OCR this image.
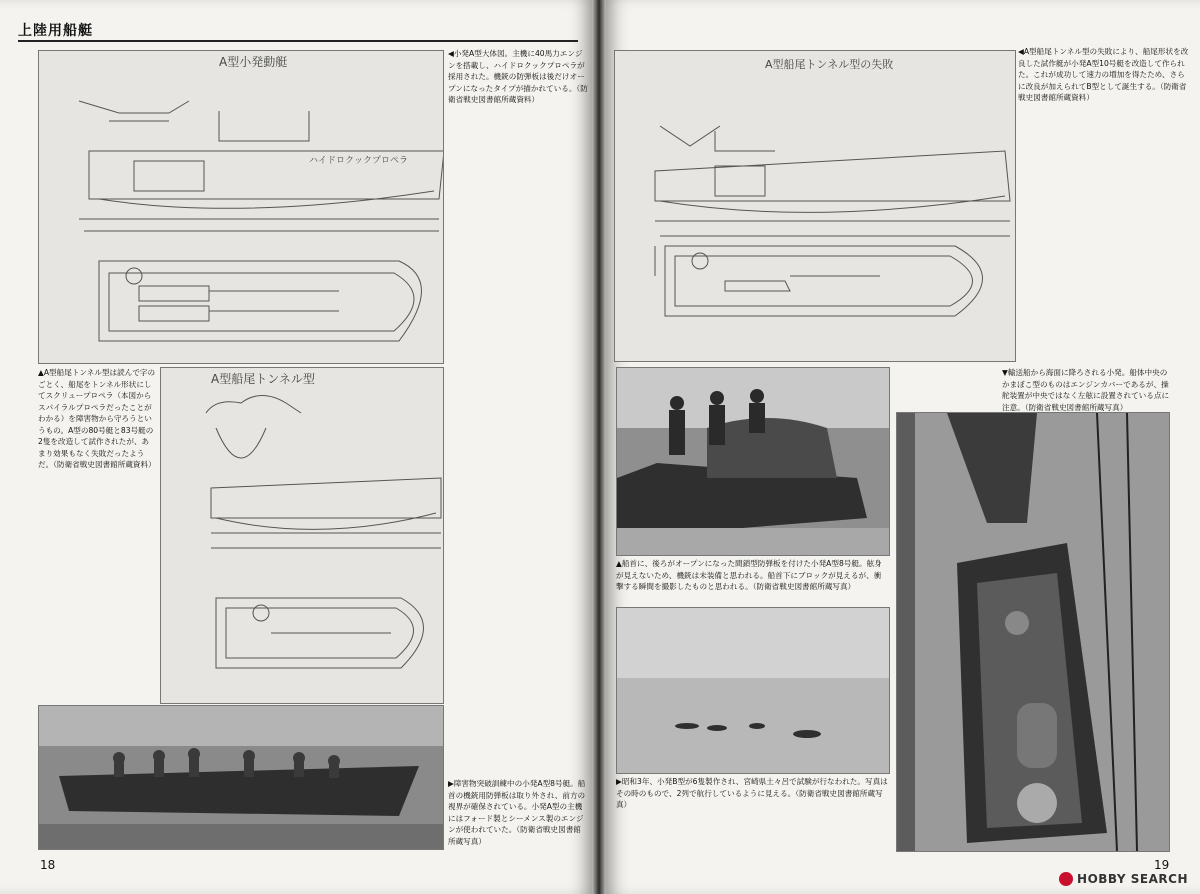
上陸用船艇
ハイドロクックプロペラ
A型小発動艇
A型船尾トンネル型

▲A型船尾トンネル型は読んで字のごとく、船尾をトンネル形状にしてスクリュープロペラ（本図からスパイラルプロペラだったことがわかる）を障害物から守ろうというもの。A型の80号艇と83号艇の2隻を改造して試作されたが、あまり効果もなく失敗だったようだ。（防衛省戦史図書館所蔵資料）

◀小発A型大体図。主機に40馬力エンジンを搭載し、ハイドロクックプロペラが採用された。機銃の防弾板は後だけオープンになったタイプが描かれている。（防衛省戦史図書館所蔵資料）

▶障害物突破訓練中の小発A型8号艇。船首の機銃用防弾板は取り外され、前方の視界が確保されている。小発A型の主機にはフォード製とシーメンス製のエンジンが使われていた。（防衛省戦史図書館所蔵写真）

18
A型船尾トンネル型の失敗

◀A型船尾トンネル型の失敗により、船尾形状を改良した試作艇が小発A型10号艇を改造して作られた。これが成功して速力の増加を得たため、さらに改良が加えられてB型として誕生する。（防衛省戦史図書館所蔵資料）

▼輸送船から海面に降ろされる小発。船体中央のかまぼこ型のものはエンジンカバーであるが、操舵装置が中央ではなく左舷に設置されている点に注意。（防衛省戦史図書館所蔵写真）

▲船首に、後ろがオープンになった間鎖型防弾板を付けた小発A型8号艇。舷身が見えないため、機銃は未装備と思われる。船首下にブロックが見えるが、衝撃する瞬間を撮影したものと思われる。（防衛省戦史図書館所蔵写真）

▶昭和3年、小発B型が6隻製作され、宮崎県土々呂で試験が行なわれた。写真はその時のもので、2列で航行しているように見える。（防衛省戦史図書館所蔵写真）

19
HOBBY SEARCH
